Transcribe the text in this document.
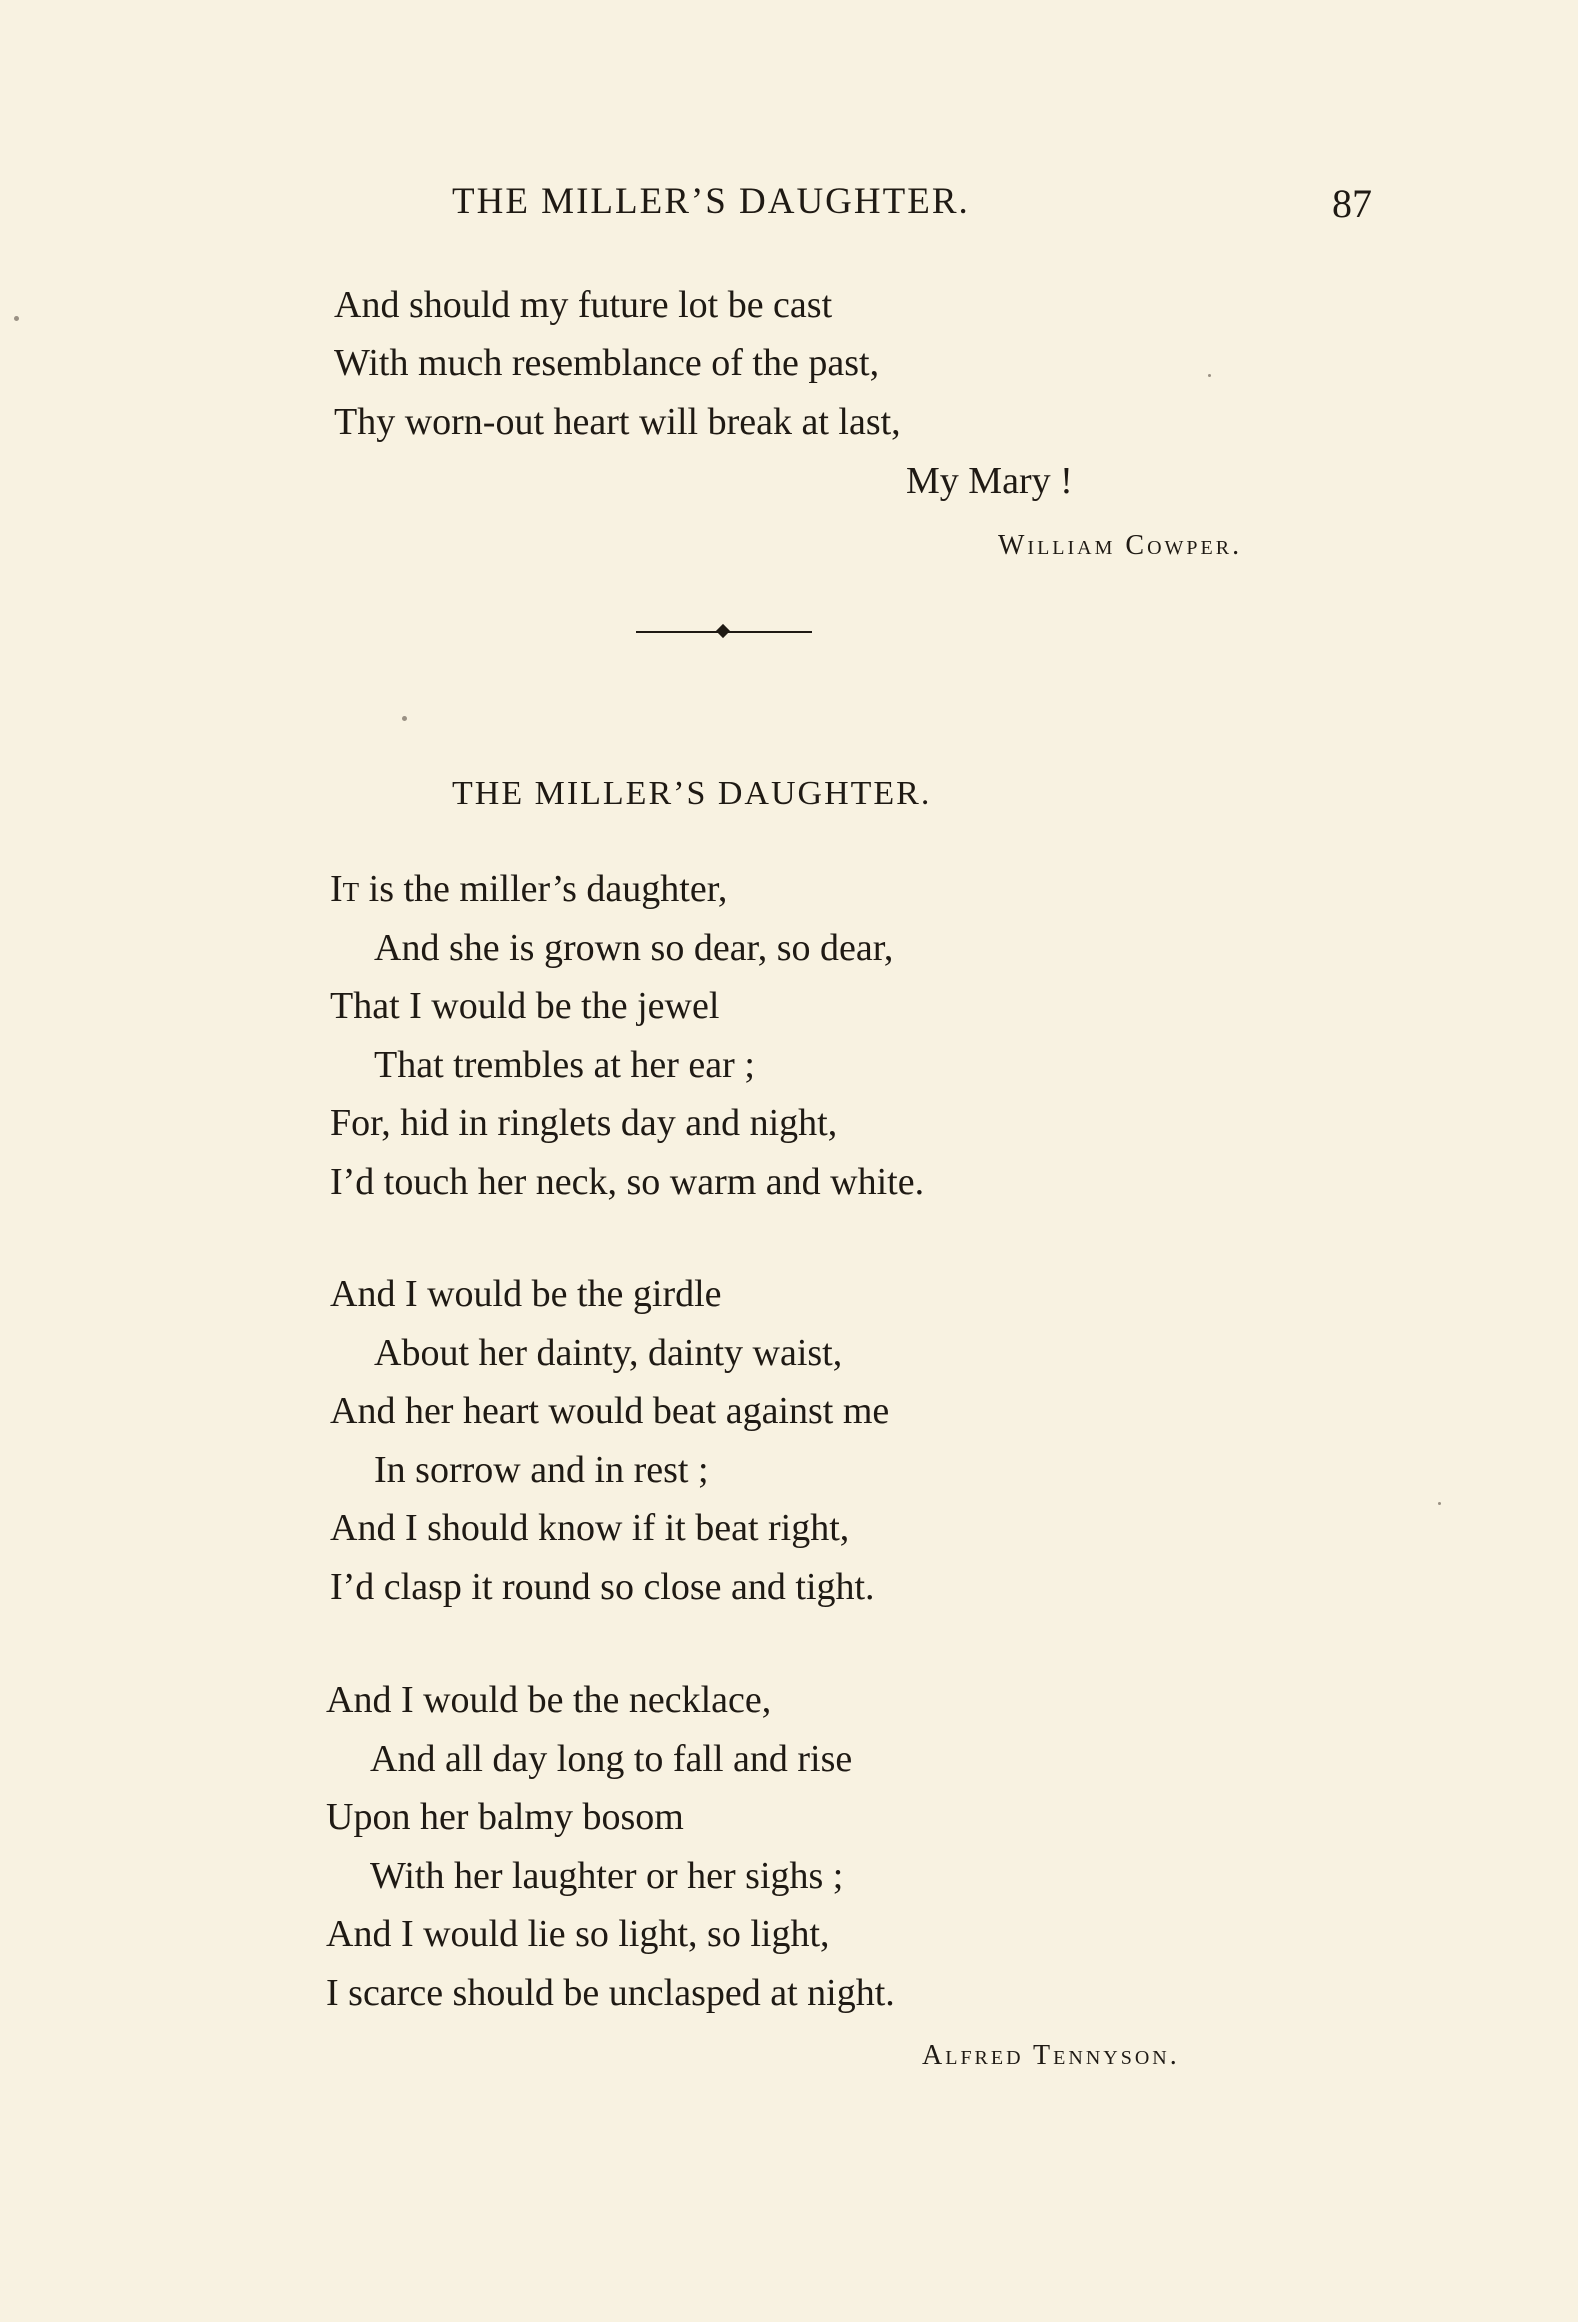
THE MILLER’S DAUGHTER.	87
And should my future lot be cast
With much resemblance of the past,
Thy worn-out heart will break at last,
My Mary !
William Cowper.
THE MILLER’S DAUGHTER.
It is the miller’s daughter,
And she is grown so dear, so dear,
That I would be the jewel
That trembles at her ear ;
For, hid in ringlets day and night,
I’d touch her neck, so warm and white.
And I would be the girdle
About her dainty, dainty waist,
And her heart would beat against me
In sorrow and in rest ;
And I should know if it beat right,
I’d clasp it round so close and tight.
And I would be the necklace,
And all day long to fall and rise
Upon her balmy bosom
With her laughter or her sighs ;
And I would lie so light, so light,
I scarce should be unclasped at night.
Alfred Tennyson.
